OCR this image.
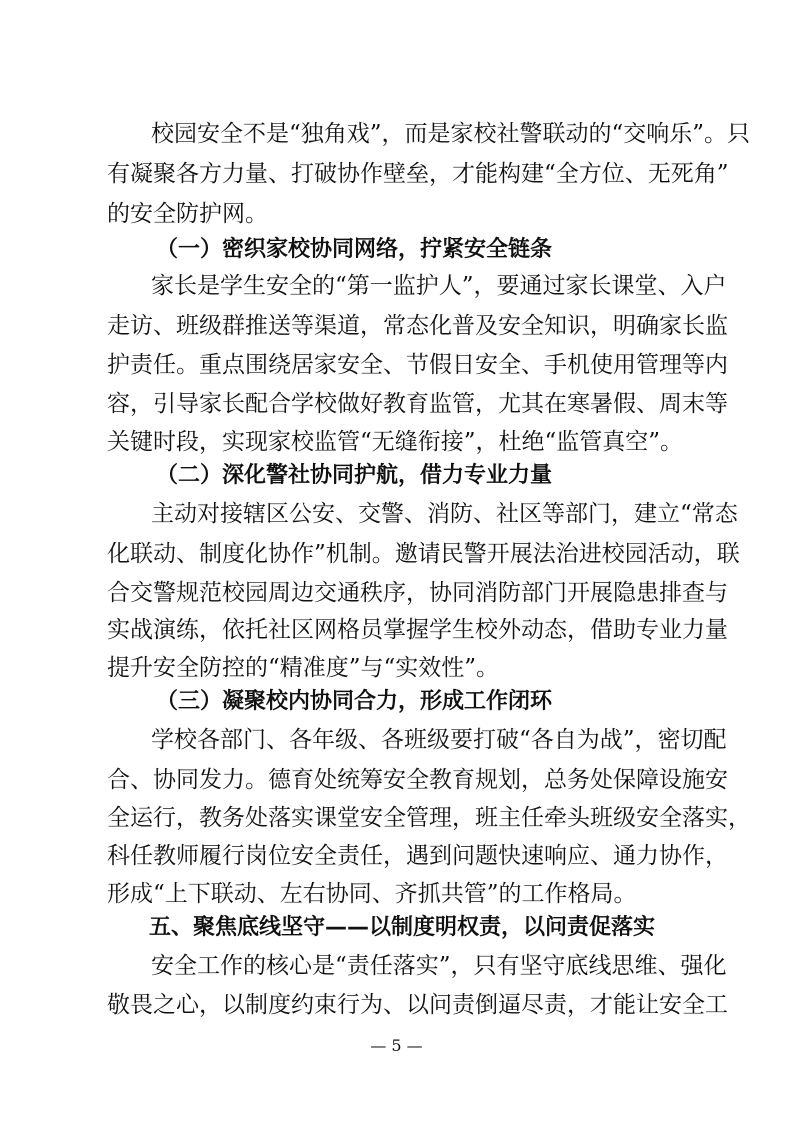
校园安全不是“独角戏”，而是家校社警联动的“交响乐”。只
有凝聚各方力量、打破协作壁垒，才能构建“全方位、无死角”
的安全防护网。
（一）密织家校协同网络，拧紧安全链条
家长是学生安全的“第一监护人”，要通过家长课堂、入户
走访、班级群推送等渠道，常态化普及安全知识，明确家长监
护责任。重点围绕居家安全、节假日安全、手机使用管理等内
容，引导家长配合学校做好教育监管，尤其在寒暑假、周末等
关键时段，实现家校监管“无缝衔接”，杜绝“监管真空”。
（二）深化警社协同护航，借力专业力量
主动对接辖区公安、交警、消防、社区等部门，建立“常态
化联动、制度化协作”机制。邀请民警开展法治进校园活动，联
合交警规范校园周边交通秩序，协同消防部门开展隐患排查与
实战演练，依托社区网格员掌握学生校外动态，借助专业力量
提升安全防控的“精准度”与“实效性”。
（三）凝聚校内协同合力，形成工作闭环
学校各部门、各年级、各班级要打破“各自为战”，密切配
合、协同发力。德育处统筹安全教育规划，总务处保障设施安
全运行，教务处落实课堂安全管理，班主任牵头班级安全落实，
科任教师履行岗位安全责任，遇到问题快速响应、通力协作，
形成“上下联动、左右协同、齐抓共管”的工作格局。
五、聚焦底线坚守——以制度明权责，以问责促落实
安全工作的核心是“责任落实”，只有坚守底线思维、强化
敬畏之心，以制度约束行为、以问责倒逼尽责，才能让安全工
— 5 —
